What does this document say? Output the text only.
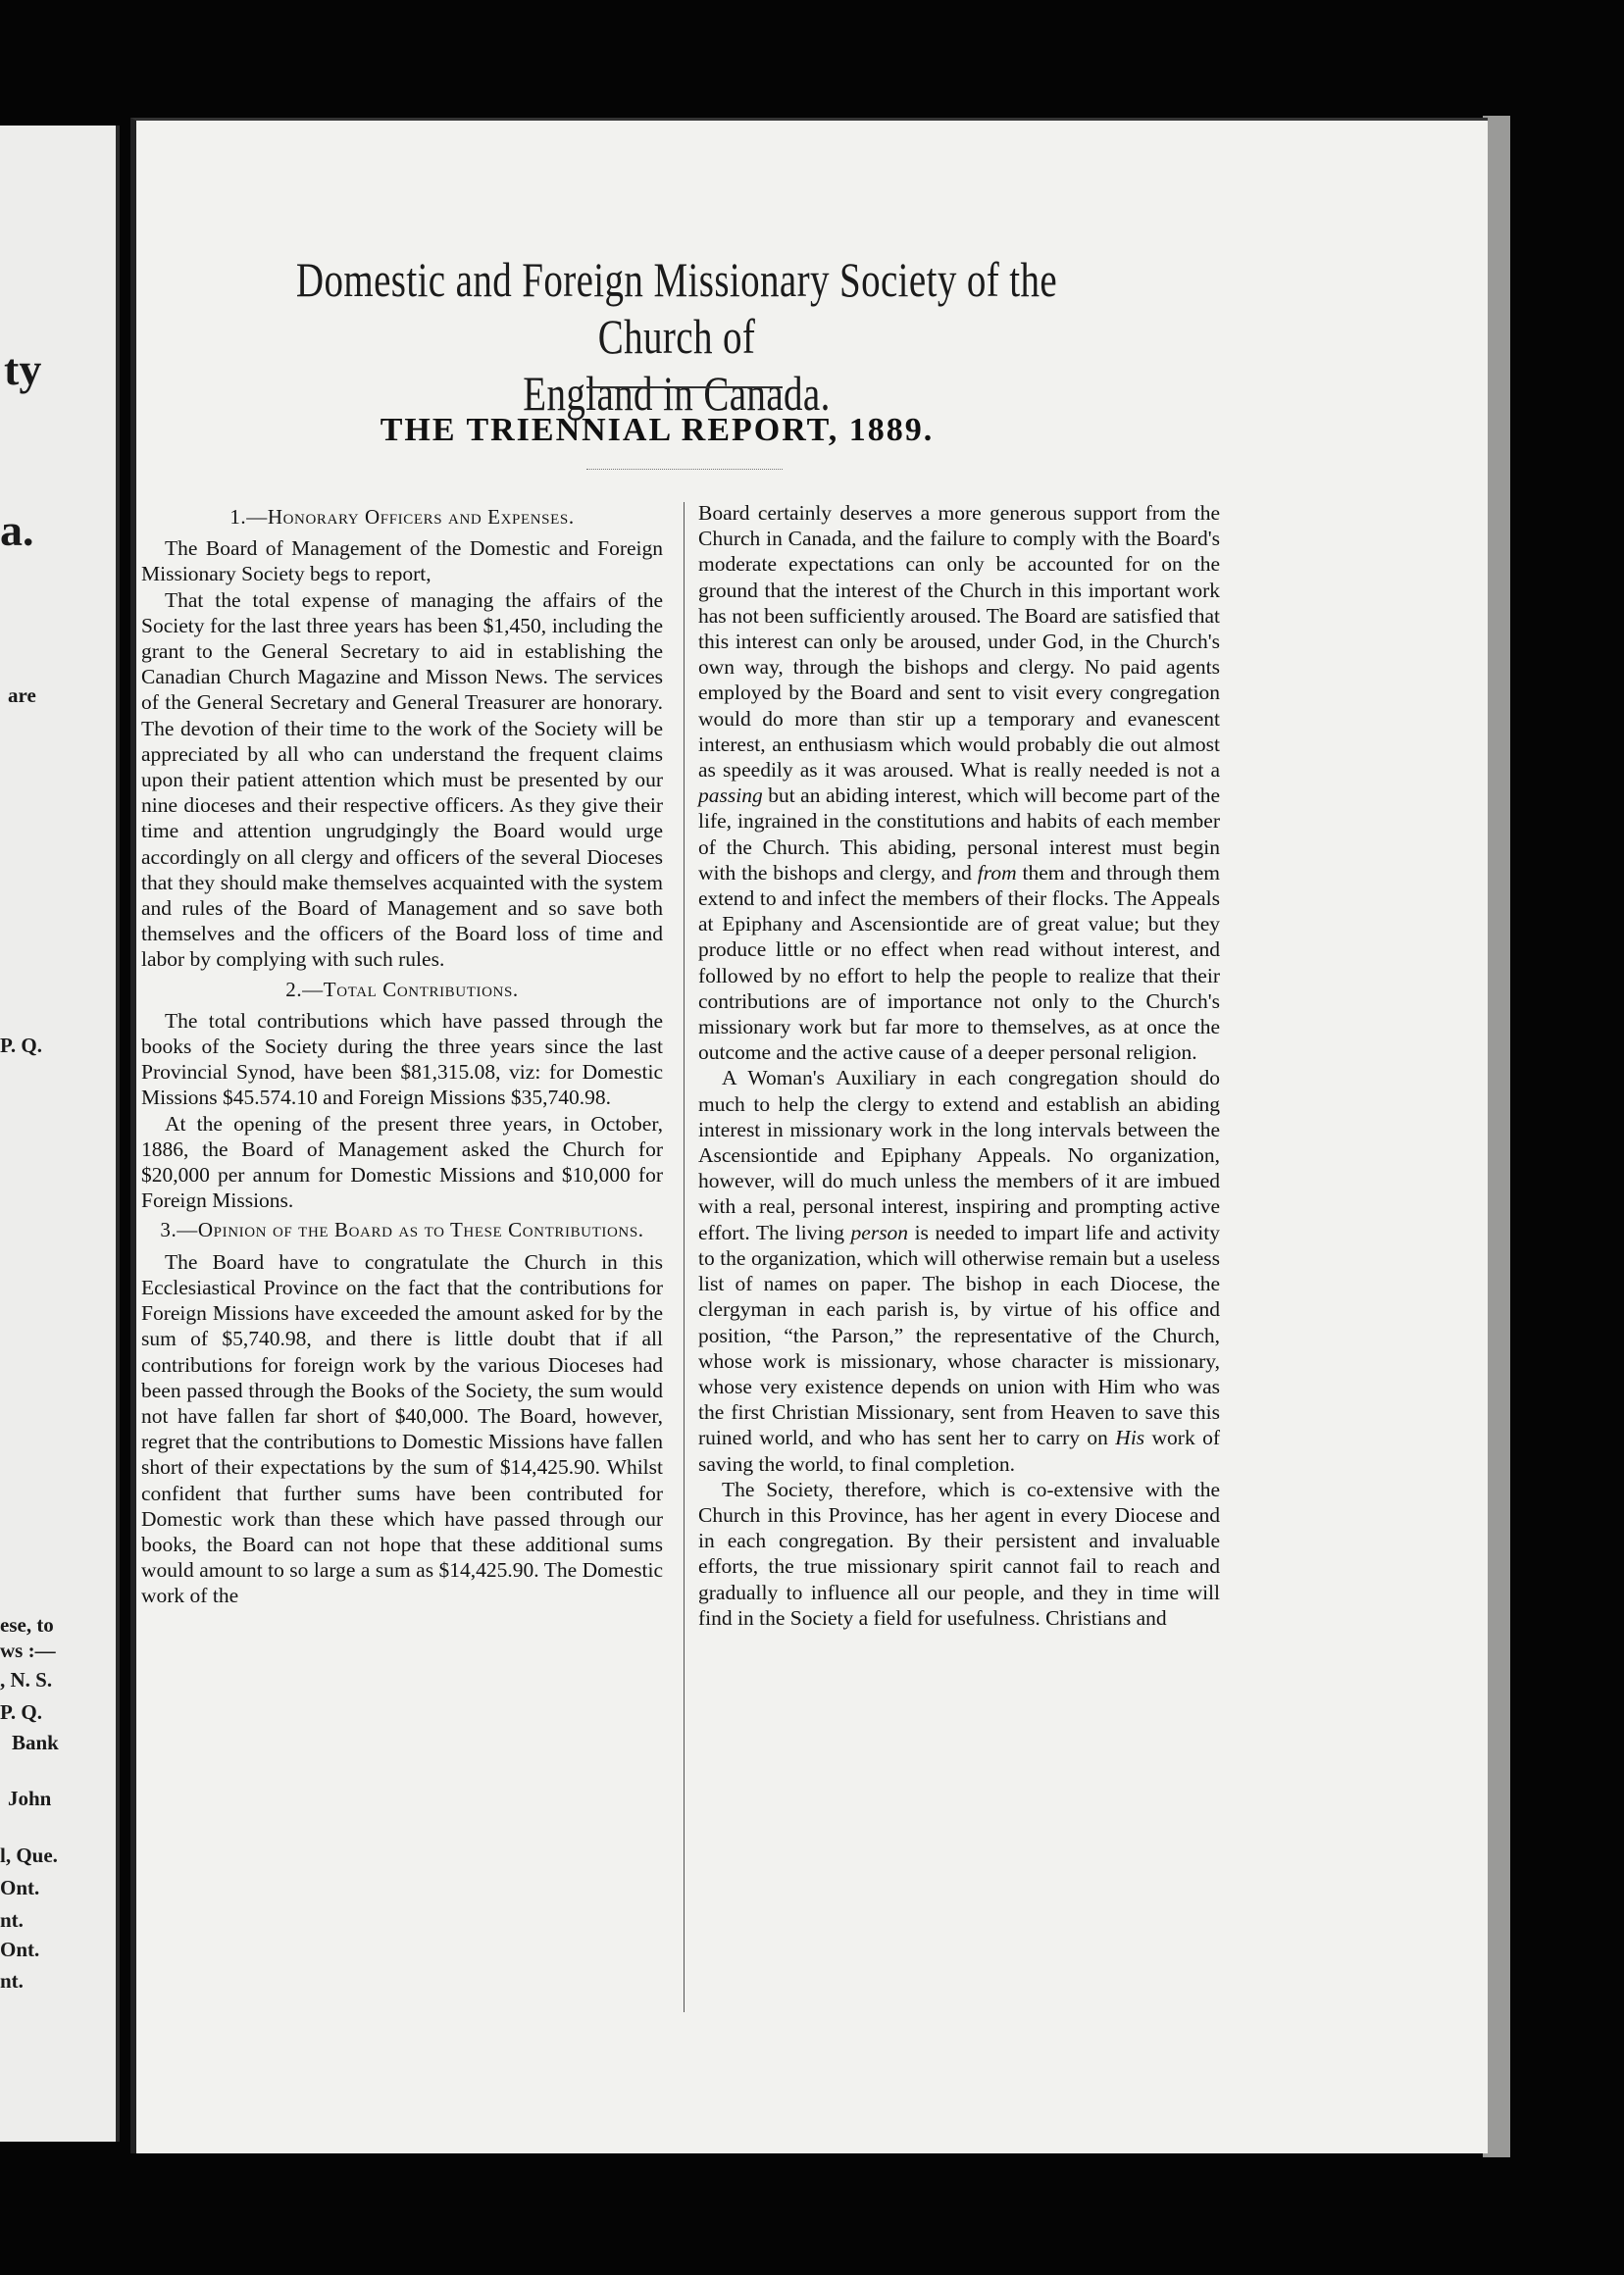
ty
a.
are
P. Q.
ese, to
ws :—
, N. S.
P. Q.
Bank
John
l, Que.
Ont.
nt.
Ont.
nt.
Domestic and Foreign Missionary Society of the Church of
England in Canada.
THE TRIENNIAL REPORT, 1889.
1.—Honorary Officers and Expenses.

The Board of Management of the Domestic and Foreign Missionary Society begs to report,

That the total expense of managing the affairs of the Society for the last three years has been $1,450, including the grant to the General Secretary to aid in establishing the Canadian Church Magazine and Misson News. The services of the General Secretary and General Treasurer are honorary. The devotion of their time to the work of the Society will be appreciated by all who can understand the frequent claims upon their patient attention which must be presented by our nine dioceses and their respective officers. As they give their time and attention ungrudgingly the Board would urge accordingly on all clergy and officers of the several Dioceses that they should make themselves acquainted with the system and rules of the Board of Management and so save both themselves and the officers of the Board loss of time and labor by complying with such rules.

2.—Total Contributions.

The total contributions which have passed through the books of the Society during the three years since the last Provincial Synod, have been $81,315.08, viz: for Domestic Missions $45.574.10 and Foreign Missions $35,740.98.

At the opening of the present three years, in October, 1886, the Board of Management asked the Church for $20,000 per annum for Domestic Missions and $10,000 for Foreign Missions.

3.—Opinion of the Board as to These Contributions.

The Board have to congratulate the Church in this Ecclesiastical Province on the fact that the contributions for Foreign Missions have exceeded the amount asked for by the sum of $5,740.98, and there is little doubt that if all contributions for foreign work by the various Dioceses had been passed through the Books of the Society, the sum would not have fallen far short of $40,000. The Board, however, regret that the contributions to Domestic Missions have fallen short of their expectations by the sum of $14,425.90. Whilst confident that further sums have been contributed for Domestic work than these which have passed through our books, the Board can not hope that these additional sums would amount to so large a sum as $14,425.90. The Domestic work of the

Board certainly deserves a more generous support from the Church in Canada, and the failure to comply with the Board's moderate expectations can only be accounted for on the ground that the interest of the Church in this important work has not been sufficiently aroused. The Board are satisfied that this interest can only be aroused, under God, in the Church's own way, through the bishops and clergy. No paid agents employed by the Board and sent to visit every congregation would do more than stir up a temporary and evanescent interest, an enthusiasm which would probably die out almost as speedily as it was aroused. What is really needed is not a passing but an abiding interest, which will become part of the life, ingrained in the constitutions and habits of each member of the Church. This abiding, personal interest must begin with the bishops and clergy, and from them and through them extend to and infect the members of their flocks. The Appeals at Epiphany and Ascensiontide are of great value; but they produce little or no effect when read without interest, and followed by no effort to help the people to realize that their contributions are of importance not only to the Church's missionary work but far more to themselves, as at once the outcome and the active cause of a deeper personal religion.

A Woman's Auxiliary in each congregation should do much to help the clergy to extend and establish an abiding interest in missionary work in the long intervals between the Ascensiontide and Epiphany Appeals. No organization, however, will do much unless the members of it are imbued with a real, personal interest, inspiring and prompting active effort. The living person is needed to impart life and activity to the organization, which will otherwise remain but a useless list of names on paper. The bishop in each Diocese, the clergyman in each parish is, by virtue of his office and position, “the Parson,” the representative of the Church, whose work is missionary, whose character is missionary, whose very existence depends on union with Him who was the first Christian Missionary, sent from Heaven to save this ruined world, and who has sent her to carry on His work of saving the world, to final completion.

The Society, therefore, which is co-extensive with the Church in this Province, has her agent in every Diocese and in each congregation. By their persistent and invaluable efforts, the true missionary spirit cannot fail to reach and gradually to influence all our people, and they in time will find in the Society a field for usefulness. Christians and
